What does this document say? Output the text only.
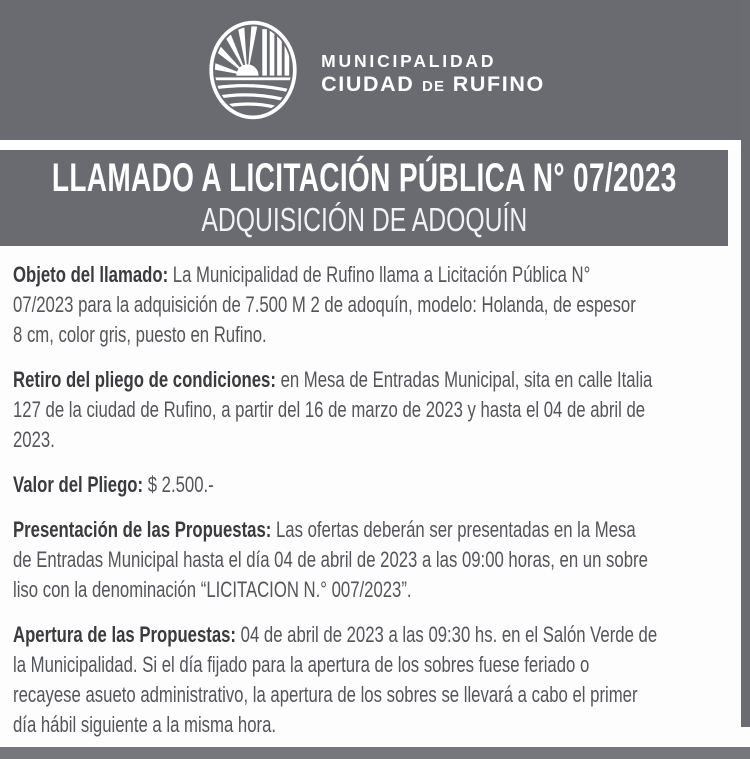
MUNICIPALIDAD
CIUDAD DE RUFINO
LLAMADO A LICITACIÓN PÚBLICA N° 07/2023
ADQUISICIÓN DE ADOQUÍN
Objeto del llamado: La Municipalidad de Rufino llama a Licitación Pública N°
07/2023 para la adquisición de 7.500 M 2 de adoquín, modelo: Holanda, de espesor
8 cm, color gris, puesto en Rufino.
Retiro del pliego de condiciones: en Mesa de Entradas Municipal, sita en calle Italia
127 de la ciudad de Rufino, a partir del 16 de marzo de 2023 y hasta el 04 de abril de
2023.
Valor del Pliego: $ 2.500.-
Presentación de las Propuestas: Las ofertas deberán ser presentadas en la Mesa
de Entradas Municipal hasta el día 04 de abril de 2023 a las 09:00 horas, en un sobre
liso con la denominación “LICITACION N.° 007/2023”.
Apertura de las Propuestas: 04 de abril de 2023 a las 09:30 hs. en el Salón Verde de
la Municipalidad. Si el día fijado para la apertura de los sobres fuese feriado o
recayese asueto administrativo, la apertura de los sobres se llevará a cabo el primer
día hábil siguiente a la misma hora.
